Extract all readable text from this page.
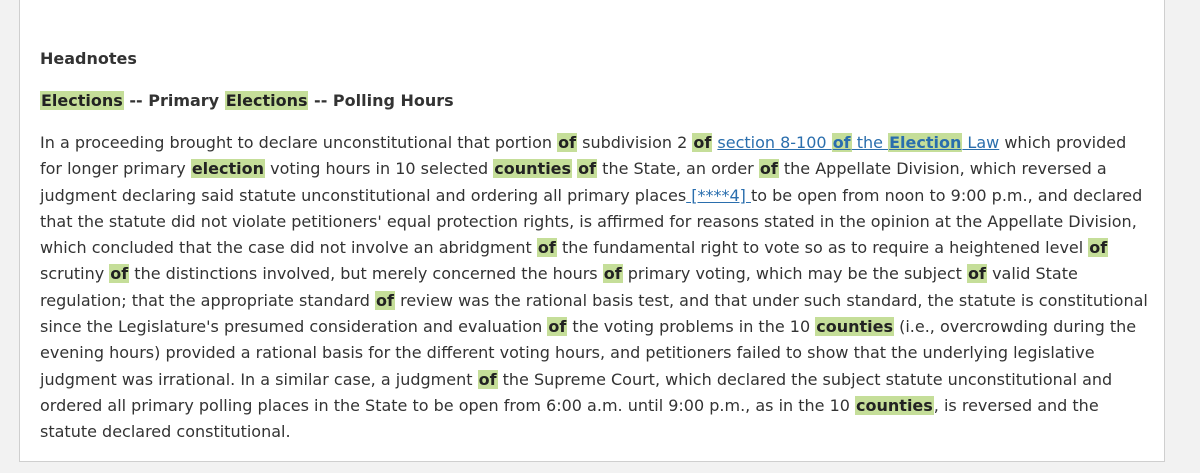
Headnotes
Elections -- Primary Elections -- Polling Hours

In a proceeding brought to declare unconstitutional that portion of subdivision 2 of section 8-100 of the Election Law which provided for longer primary election voting hours in 10 selected counties of the State, an order of the Appellate Division, which reversed a judgment declaring said statute unconstitutional and ordering all primary places [****4] to be open from noon to 9:00 p.m., and declared that the statute did not violate petitioners' equal protection rights, is affirmed for reasons stated in the opinion at the Appellate Division, which concluded that the case did not involve an abridgment of the fundamental right to vote so as to require a heightened level of scrutiny of the distinctions involved, but merely concerned the hours of primary voting, which may be the subject of valid State regulation; that the appropriate standard of review was the rational basis test, and that under such standard, the statute is constitutional since the Legislature's presumed consideration and evaluation of the voting problems in the 10 counties (i.e., overcrowding during the evening hours) provided a rational basis for the different voting hours, and petitioners failed to show that the underlying legislative judgment was irrational. In a similar case, a judgment of the Supreme Court, which declared the subject statute unconstitutional and ordered all primary polling places in the State to be open from 6:00 a.m. until 9:00 p.m., as in the 10 counties, is reversed and the statute declared constitutional.
